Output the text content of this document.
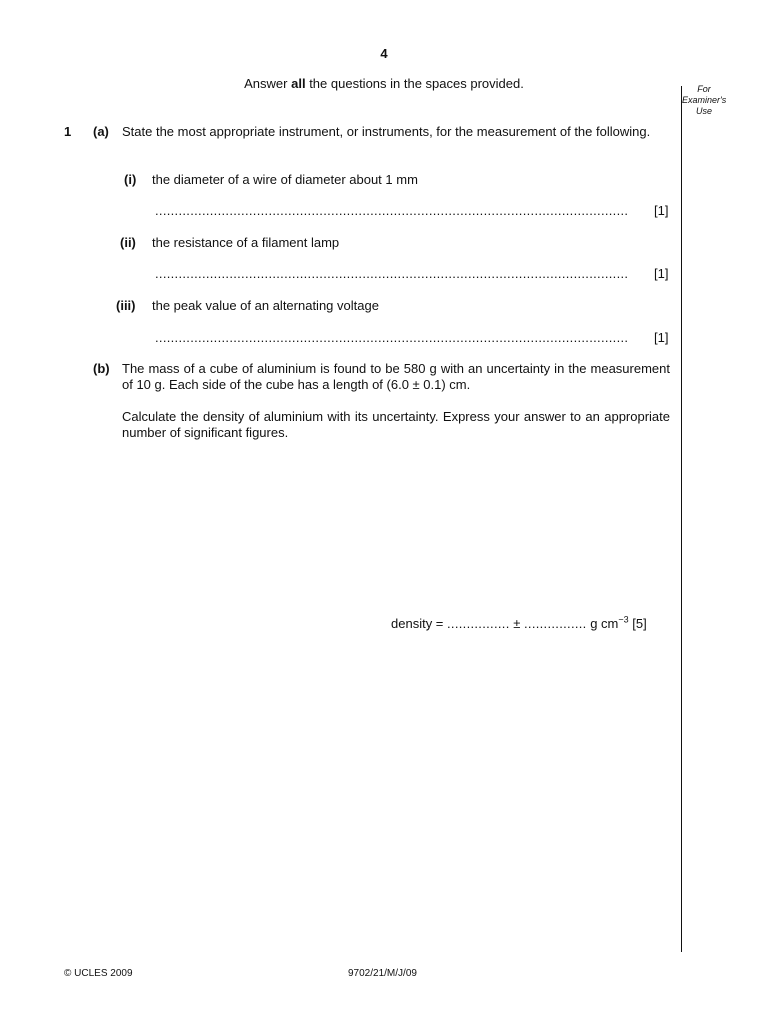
4
Answer all the questions in the spaces provided.	For
Examiner's
Use
1 (a) State the most appropriate instrument, or instruments, for the measurement of the following.
(i) the diameter of a wire of diameter about 1 mm
.........................................................................................................................	[1]
(ii) the resistance of a filament lamp
.........................................................................................................................	[1]
(iii) the peak value of an alternating voltage
.........................................................................................................................	[1]
(b) The mass of a cube of aluminium is found to be 580 g with an uncertainty in the measurement of 10 g. Each side of the cube has a length of (6.0 ± 0.1) cm.
Calculate the density of aluminium with its uncertainty. Express your answer to an appropriate number of significant figures.
density = ................ ± ................ g $cm^{-3}$ [5]
© UCLES 2009	9702/21/M/J/09
